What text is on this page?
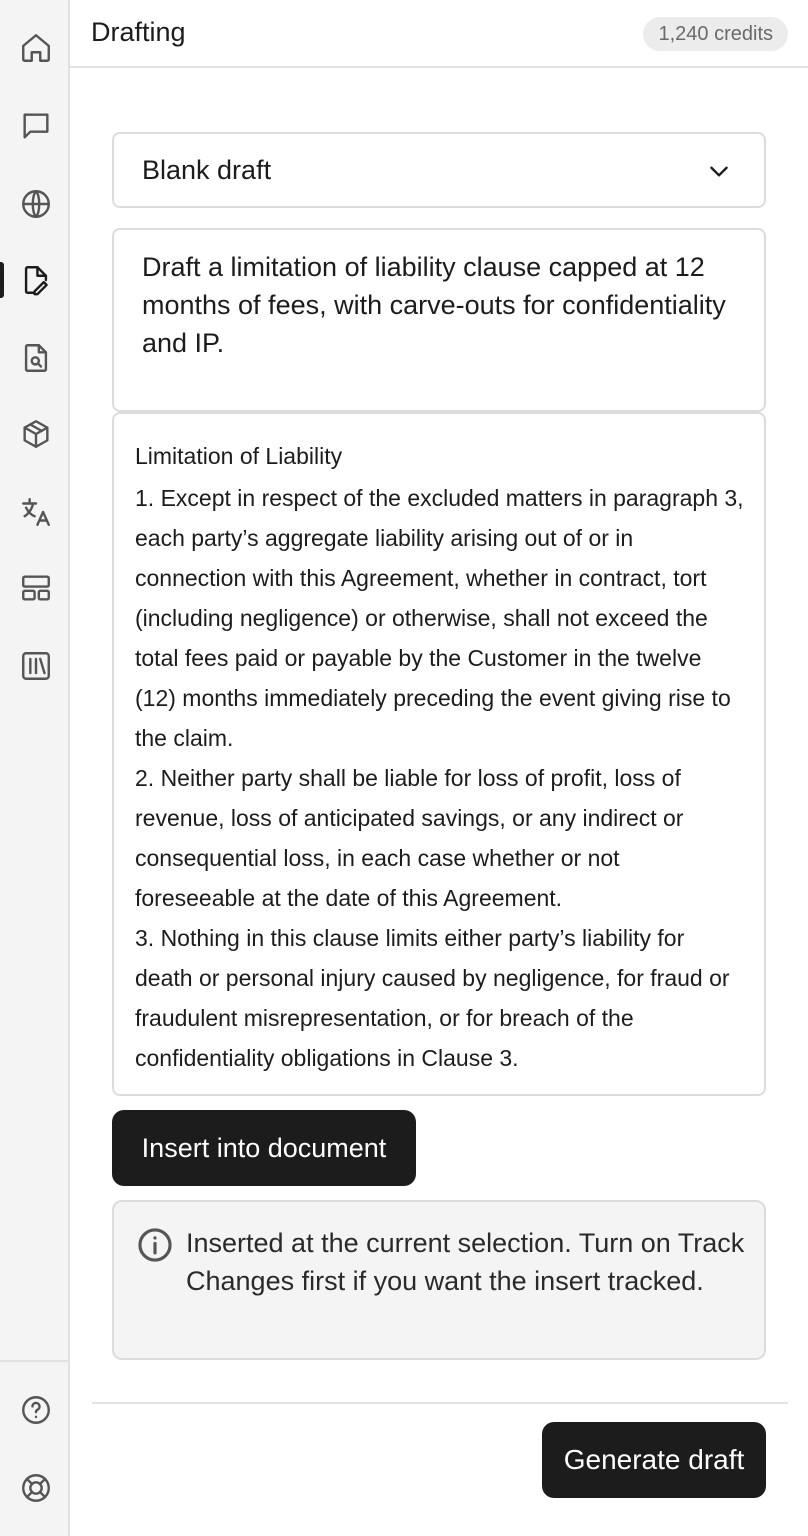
Drafting	1,240 credits
Blank draft
Draft a limitation of liability clause capped at 12 months of fees, with carve-outs for confidentiality and IP.
Limitation of Liability
1. Except in respect of the excluded matters in paragraph 3, each party’s aggregate liability arising out of or in connection with this Agreement, whether in contract, tort (including negligence) or otherwise, shall not exceed the total fees paid or payable by the Customer in the twelve (12) months immediately preceding the event giving rise to the claim.
2. Neither party shall be liable for loss of profit, loss of revenue, loss of anticipated savings, or any indirect or consequential loss, in each case whether or not foreseeable at the date of this Agreement.
3. Nothing in this clause limits either party’s liability for death or personal injury caused by negligence, for fraud or fraudulent misrepresentation, or for breach of the confidentiality obligations in Clause 3.
Insert into document
Inserted at the current selection. Turn on Track Changes first if you want the insert tracked.
Generate draft
